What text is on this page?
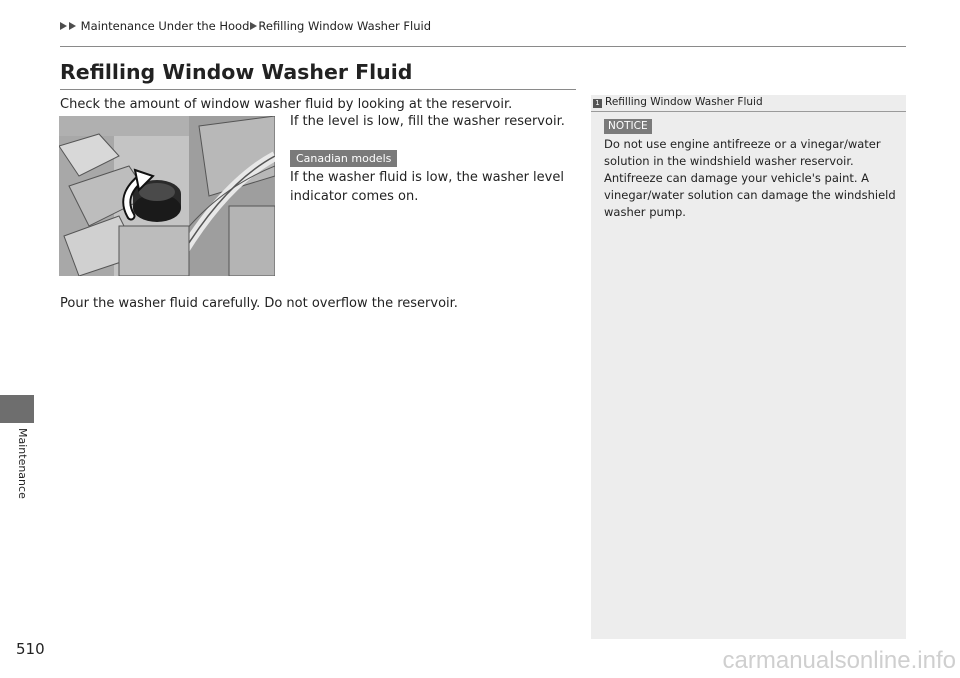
Maintenance Under the Hood Refilling Window Washer Fluid
Maintenance
Refilling Window Washer Fluid

Check the amount of window washer fluid by looking at the reservoir.

If the level is low, fill the washer reservoir.

Canadian models

If the washer fluid is low, the washer level indicator comes on.

Pour the washer fluid carefully. Do not overflow the reservoir.

1 Refilling Window Washer Fluid
NOTICE

Do not use engine antifreeze or a vinegar/water solution in the windshield washer reservoir. Antifreeze can damage your vehicle's paint. A vinegar/water solution can damage the windshield washer pump.

510	carmanualsonline.info
